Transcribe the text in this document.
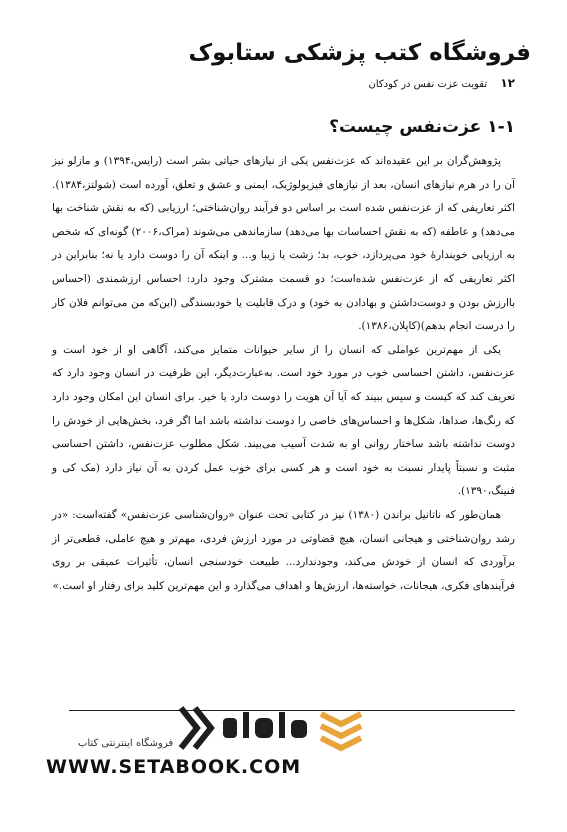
فروشگاه کتب پزشکی ستابوک
۱۲ تقویت عزت نفس در کودکان
۱-۱ عزت‌نفس چیست؟

پژوهش‌گران بر این عقیده‌اند که عزت‌نفس یکی از نیازهای حیاتی بشر است (رایس،۱۳۹۴) و مازلو نیز آن را در هرم نیازهای انسان، بعد از نیازهای فیزیولوژیک، ایمنی و عشق و تعلق، آورده است (شولتز،۱۳۸۴). اکثر تعاریفی که از عزت‌نفس شده است بر اساس دو فرآیند روان‌شناختی؛ ارزیابی (که به نقش شناخت بها می‌دهد) و عاطفه (که به نقش احساسات بها می‌دهد) سازماندهی می‌شوند (مراک،۲۰۰۶) گونه‌ای که شخص به ارزیابی خویندارهٔ خود می‌پردازد، خوب، بد؛ زشت یا زیبا و... و اینکه آن را دوست دارد یا نه؛ بنابراین در اکثر تعاریفی که از عزت‌نفس شده‌است؛ دو قسمت مشترک وجود دارد: احساس ارزشمندی (احساس باارزش بودن و دوست‌داشتن و بهادادن به خود) و درک قابلیت یا خودبسندگی (این‌که من می‌توانم فلان کار را درست انجام بدهم)(کاپلان،۱۳۸۶).

یکی از مهم‌ترین عواملی که انسان را از سایر حیوانات متمایز می‌کند، آگاهی او از خود است و عزت‌نفس، داشتن احساسی خوب در مورد خود است. به‌عبارت‌دیگر، این ظرفیت در انسان وجود دارد که تعریف کند که کیست و سپس ببیند که آیا آن هویت را دوست دارد یا خیر. برای انسان این امکان وجود دارد که رنگ‌ها، صداها، شکل‌ها و احساس‌های خاصی را دوست نداشته باشد اما اگر فرد، بخش‌هایی از خودش را دوست نداشته باشد ساختار روانی او به شدت آسیب می‌بیند. شکل مطلوب عزت‌نفس، داشتن احساسی مثبت و نسبتاً پایدار نسبت به خود است و هر کسی برای خوب عمل کردن به آن نیاز دارد (مک کی و فنینگ،۱۳۹۰).

همان‌طور که ناتانیل براندن (۱۳۸۰) نیز در کتابی تحت عنوان «روان‌شناسی عزت‌نفس» گفته‌است: «در رشد روان‌شناختی و هیجانی انسان، هیچ قضاوتی در مورد ارزش فردی، مهم‌تر و هیچ عاملی، قطعی‌تر از برآوردی که انسان از خودش می‌کند، وجودندارد... طبیعت خودسنجی انسان، تأثیرات عمیقی بر روی فرآیندهای فکری، هیجانات، خواسته‌ها، ارزش‌ها و اهداف می‌گذارد و این مهم‌ترین کلید برای رفتار او است.»

فروشگاه اینترنتی کتاب
WWW.SETABOOK.COM
